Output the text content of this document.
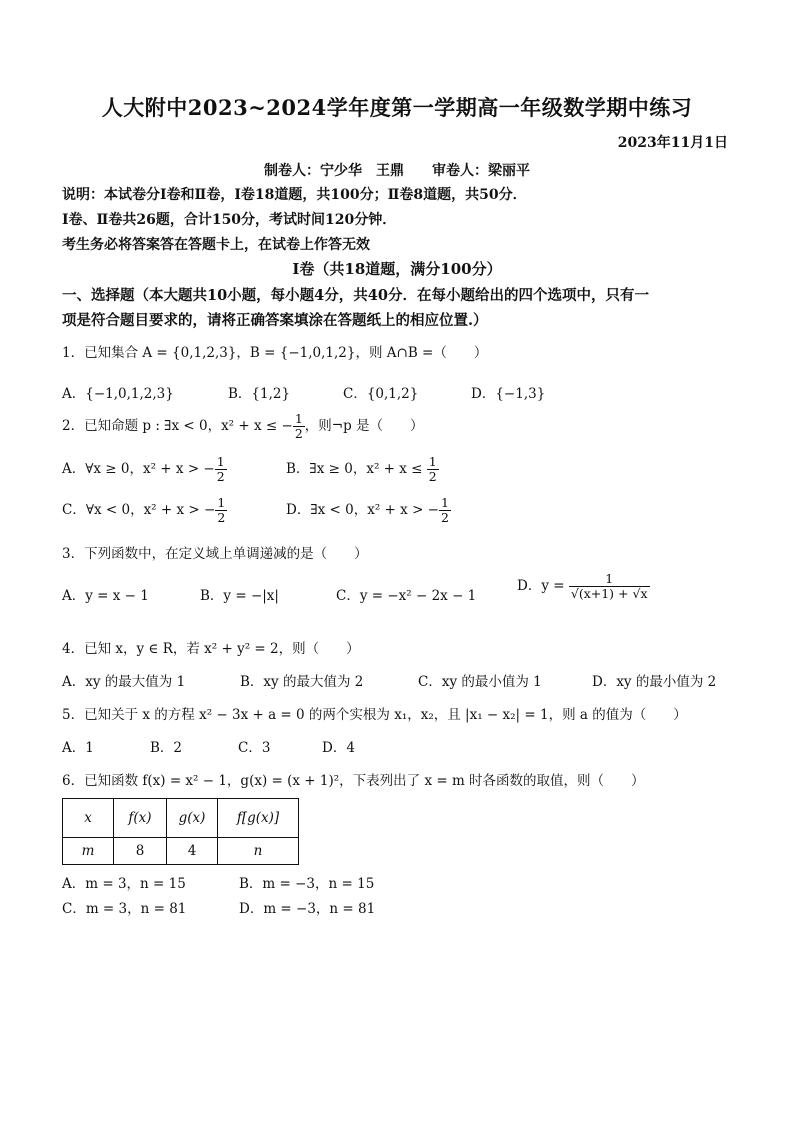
人大附中2023~2024学年度第一学期高一年级数学期中练习
2023年11月1日
制卷人：宁少华　王鼎　　审卷人：梁丽平
说明：本试卷分Ⅰ卷和Ⅱ卷，Ⅰ卷18道题，共100分；Ⅱ卷8道题，共50分．
Ⅰ卷、Ⅱ卷共26题，合计150分，考试时间120分钟．
考生务必将答案答在答题卡上，在试卷上作答无效
Ⅰ卷（共18道题，满分100分）
一、选择题（本大题共10小题，每小题4分，共40分．在每小题给出的四个选项中，只有一
项是符合题目要求的，请将正确答案填涂在答题纸上的相应位置.）
1．已知集合 A = {0,1,2,3}，B = {−1,0,1,2}，则 A∩B =（　　）
A．{−1,0,1,2,3}	B．{1,2}	C．{0,1,2}	D．{−1,3}
2．已知命题 p : ∃x < 0，x² + x ≤ − $\frac{1}{2}$ ，则¬p 是（　　）
A．∀x ≥ 0，x² + x > − $\frac{1}{2}$	B．∃x ≥ 0，$x^2 + x \le \frac{1}{2}$
C．∀x < 0，x² + x > − $\frac{1}{2}$	D．∃x < 0，x² + x > − $\frac{1}{2}$
3．下列函数中，在定义域上单调递减的是（　　）
A．y = x − 1	B．y = −|x|	C．y = −x² − 2x − 1
D．$y = \frac{1}{√(x+1) + √x}$
4．已知 x，y ∈ R，若 x² + y² = 2，则（　　）
A．xy 的最大值为 1	B．xy 的最大值为 2	C．xy 的最小值为 1	D．xy 的最小值为 2
5．已知关于 x 的方程 x² − 3x + a = 0 的两个实根为 x₁，x₂，且 |x₁ − x₂| = 1，则 a 的值为（　　）
A．1	B．2	C．3	D．4
6．已知函数 f(x) = x² − 1，g(x) = (x + 1)²，下表列出了 x = m 时各函数的取值，则（　　）
x	f(x)	g(x)	f[g(x)]
m	8	4	n
A．m = 3，n = 15	B．m = −3，n = 15
C．m = 3，n = 81	D．m = −3，n = 81
